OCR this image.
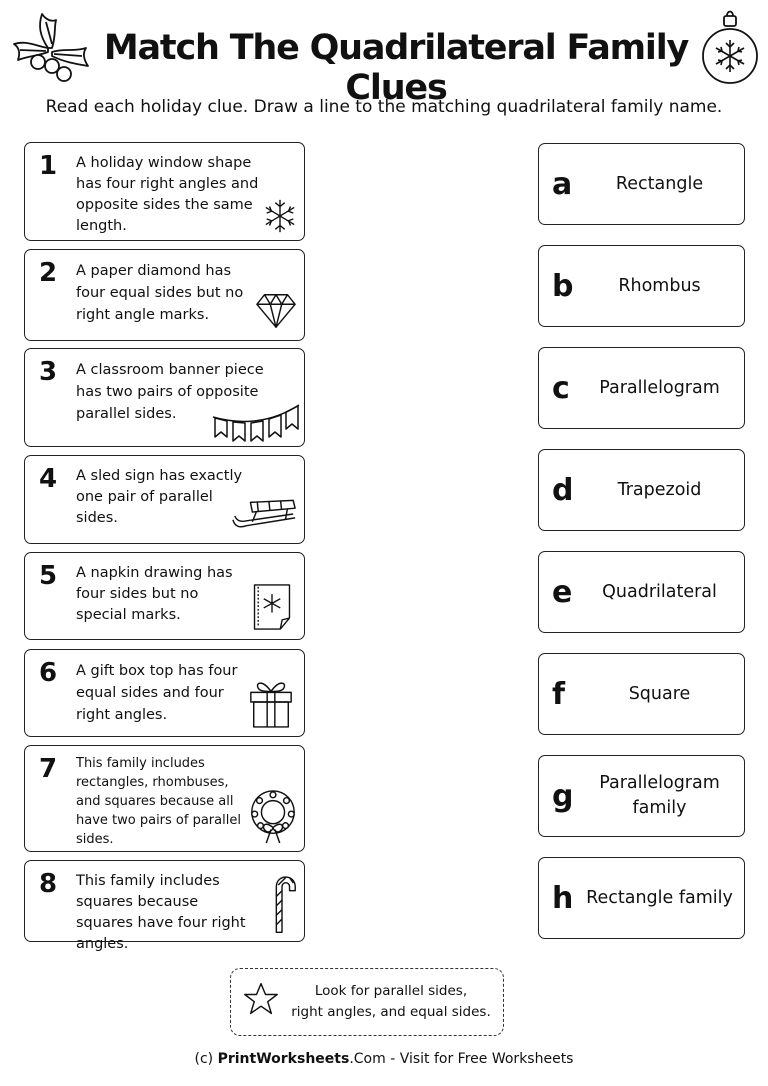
Match The Quadrilateral Family Clues
Read each holiday clue. Draw a line to the matching quadrilateral family name.
1 A holiday window shape has four right angles and opposite sides the same length.
2 A paper diamond has four equal sides but no right angle marks.
3 A classroom banner piece has two pairs of opposite parallel sides.
4 A sled sign has exactly one pair of parallel sides.
5 A napkin drawing has four sides but no special marks.
6 A gift box top has four equal sides and four right angles.
7 This family includes rectangles, rhombuses, and squares because all have two pairs of parallel sides.
8 This family includes squares because squares have four right angles.
a	Rectangle
b	Rhombus
c	Parallelogram
d	Trapezoid
e	Quadrilateral
f	Square
g	Parallelogram family
h Rectangle family
Look for parallel sides,
right angles, and equal sides.
(c) PrintWorksheets.Com - Visit for Free Worksheets
